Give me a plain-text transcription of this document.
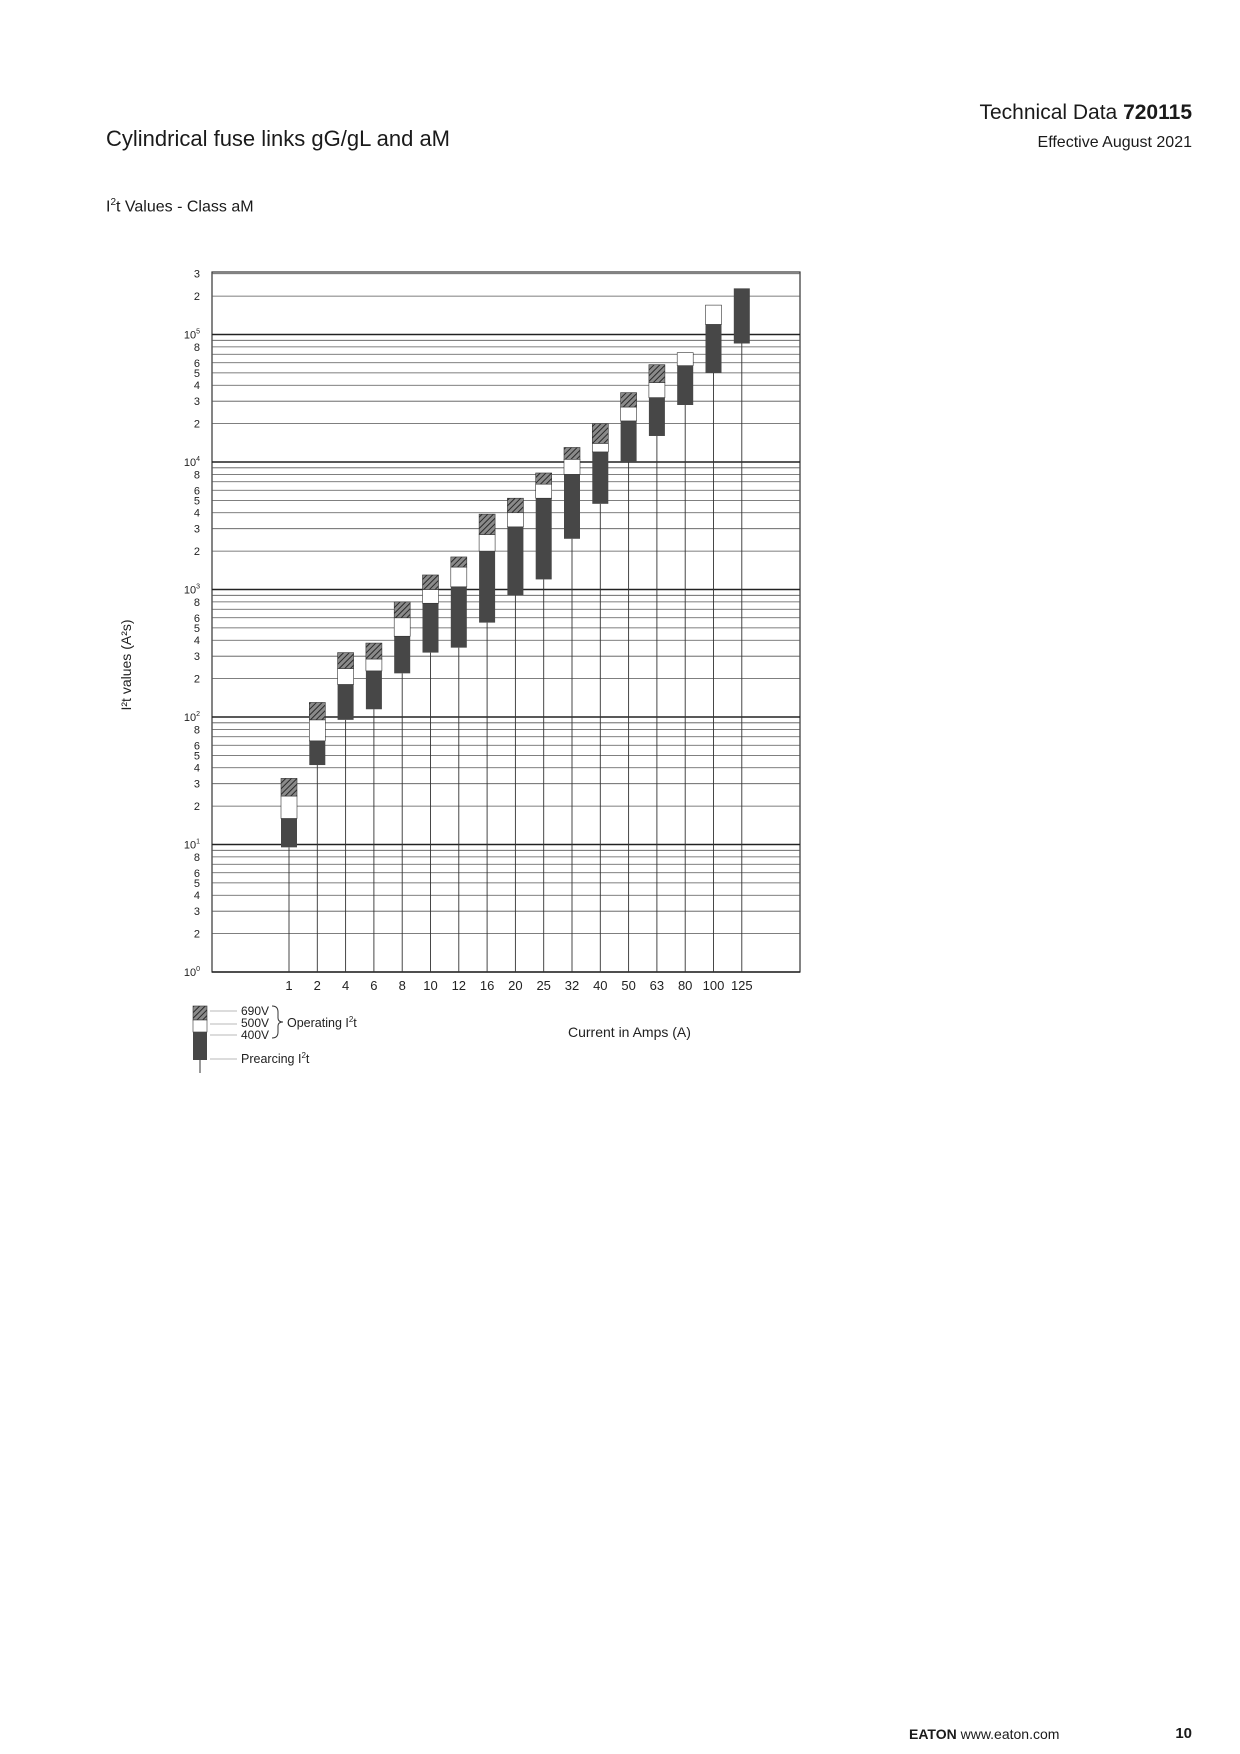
Cylindrical fuse links gG/gL and aM
Technical Data 720115
Effective August 2021
$I^2t$ Values - Class aM
$10^0$
$10^1$
$10^2$
$10^3$
$10^4$
$10^5$
2
3
4
5
6
8
2
3
4
5
6
8
2
3
4
5
6
8
2
3
4
5
6
8
2
3
4
5
6
8
2
3
1 2 4 6 8 10 12 16 20 25 32 40 50 63 80 100 125
I²t values (A²s)
Current in Amps (A)
690V
500V
400V
Operating $I^2t$
Prearcing $I^2t$
EATON www.eaton.com	10
